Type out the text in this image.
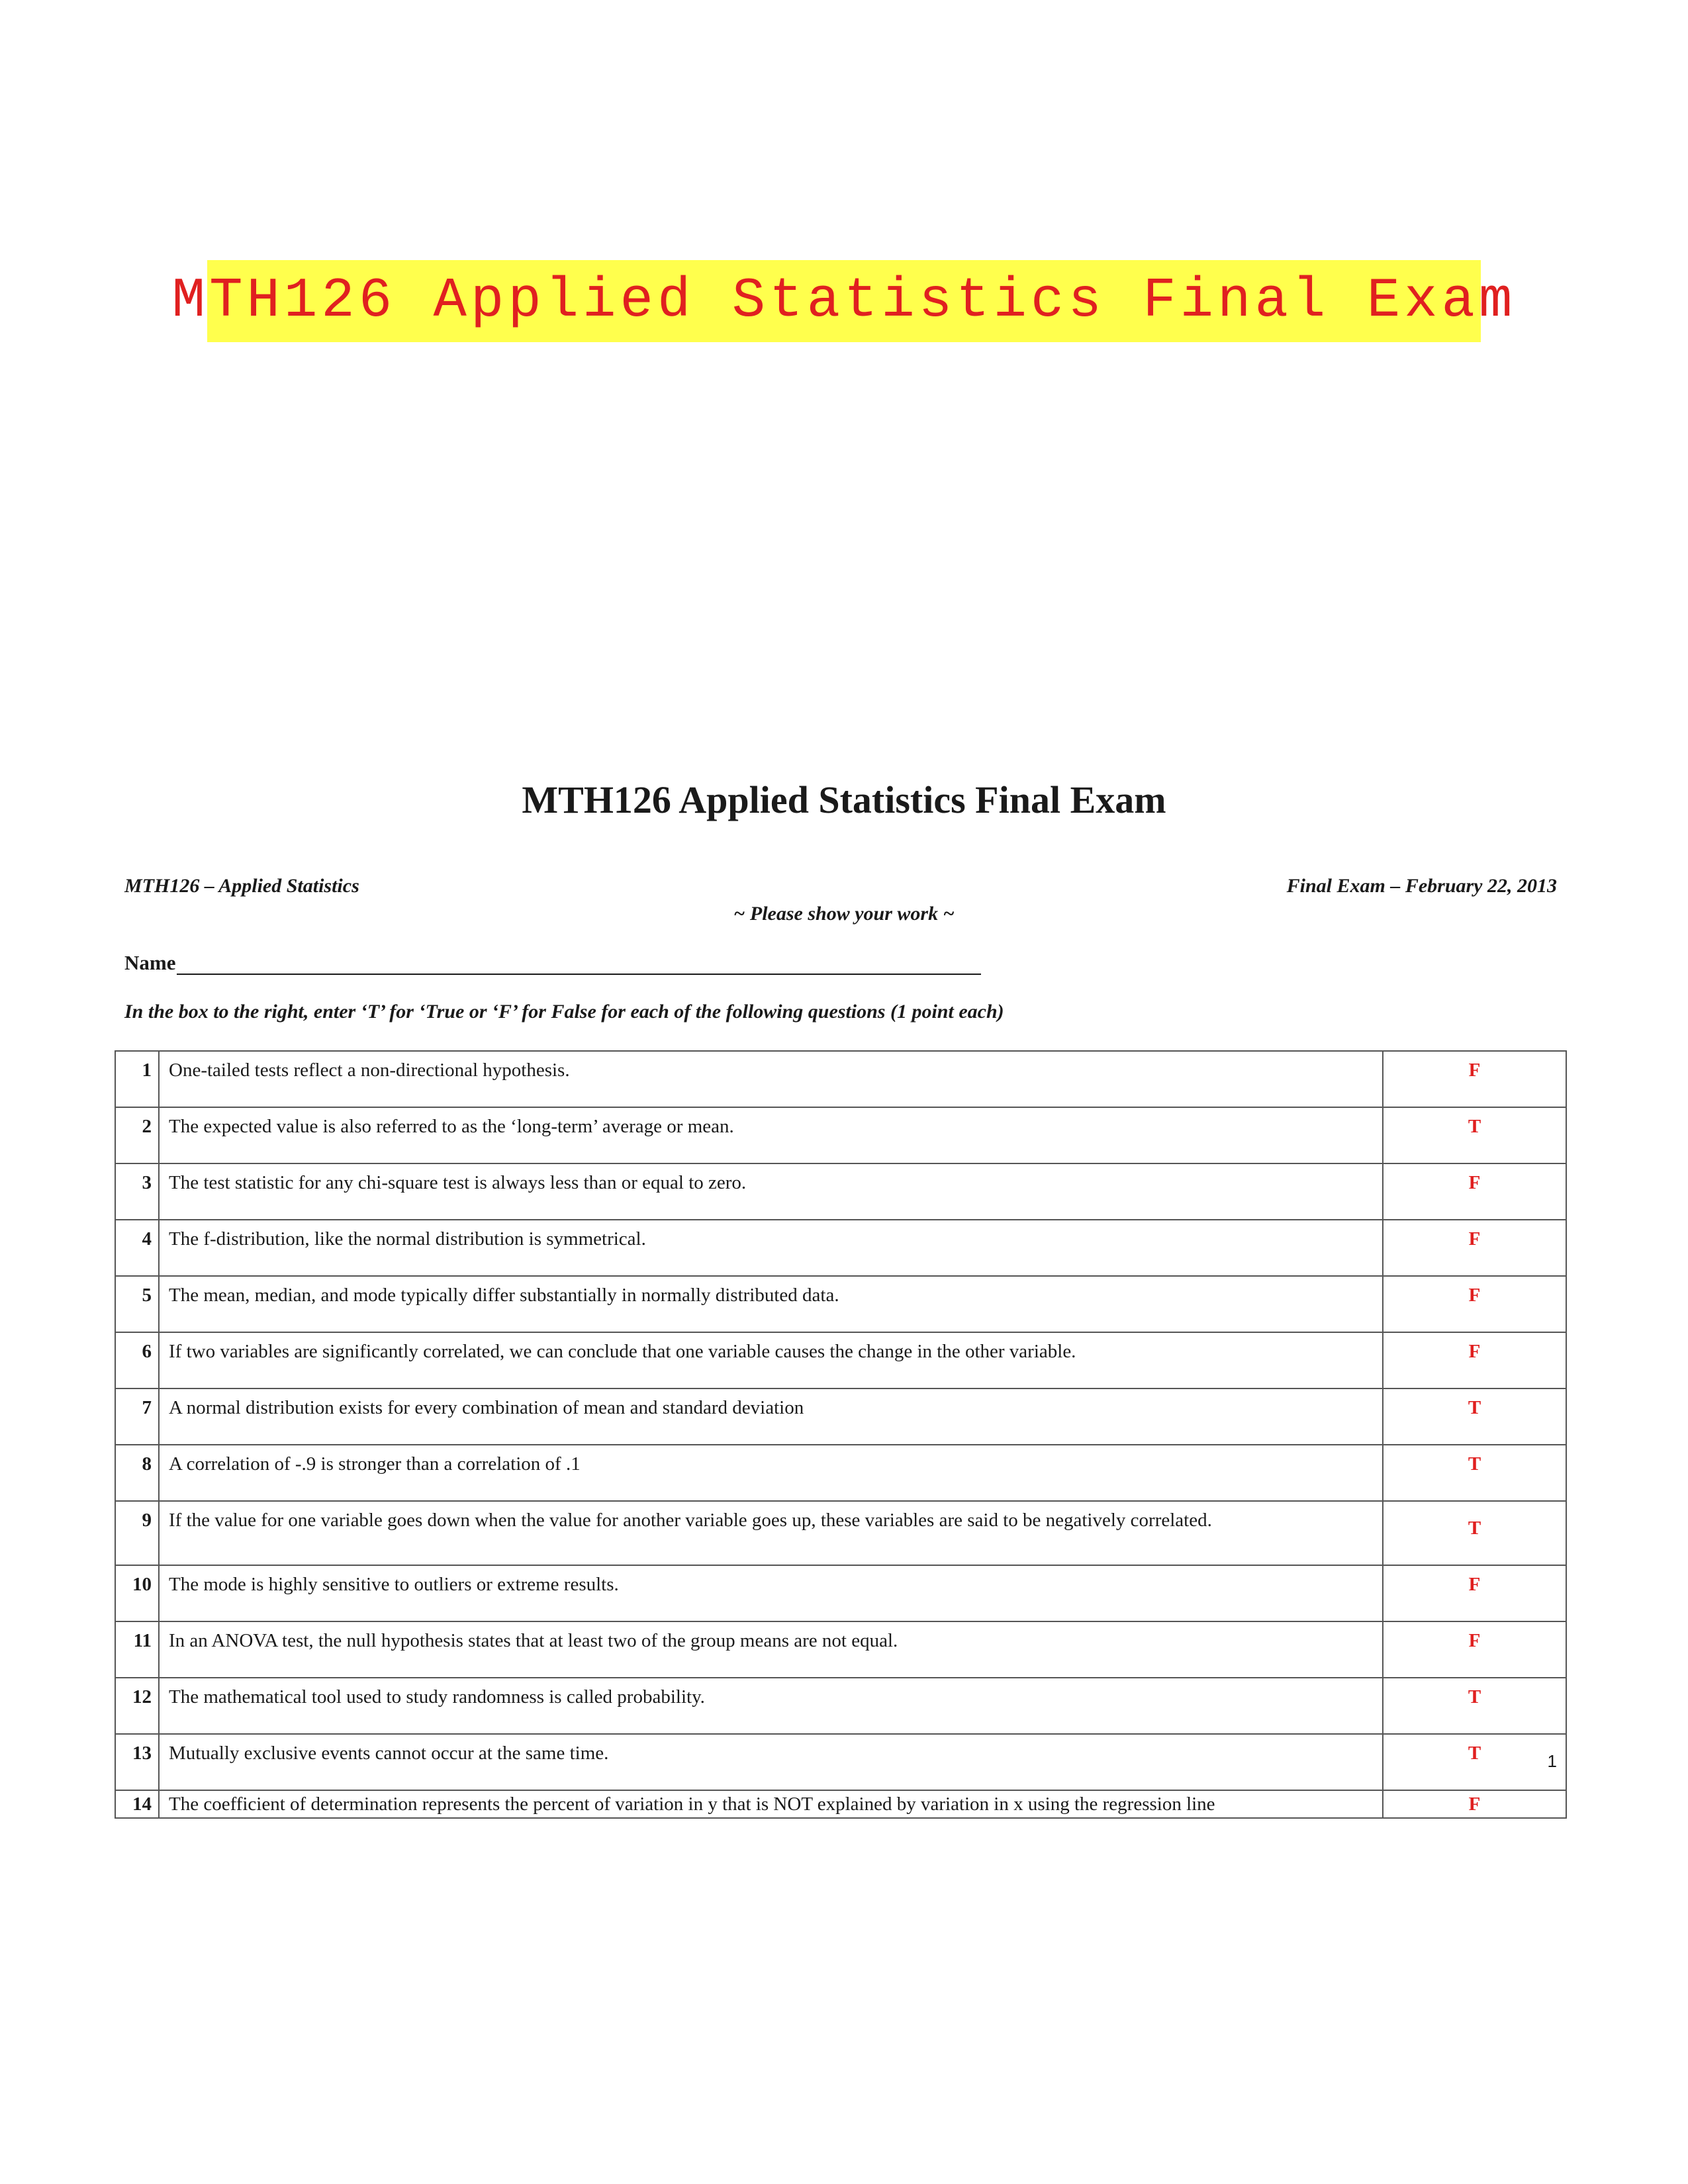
MTH126 Applied Statistics Final Exam
MTH126 Applied Statistics Final Exam
MTH126 – Applied Statistics	Final Exam – February 22, 2013
~ Please show your work ~
Name
In the box to the right, enter ‘T’ for ‘True or ‘F’ for False for each of the following questions (1 point each)
1	One-tailed tests reflect a non-directional hypothesis.	F
2	The expected value is also referred to as the ‘long-term’ average or mean.	T
3	The test statistic for any chi-square test is always less than or equal to zero.	F
4	The f-distribution, like the normal distribution is symmetrical.	F
5	The mean, median, and mode typically differ substantially in normally distributed data.	F
6	If two variables are significantly correlated, we can conclude that one variable causes the change in the other variable.	F
7	A normal distribution exists for every combination of mean and standard deviation	T
8	A correlation of -.9 is stronger than a correlation of .1	T
9	If the value for one variable goes down when the value for another variable goes up, these variables are said to be negatively correlated.	T
10	The mode is highly sensitive to outliers or extreme results.	F
11	In an ANOVA test, the null hypothesis states that at least two of the group means are not equal.	F
12	The mathematical tool used to study randomness is called probability.	T
13	Mutually exclusive events cannot occur at the same time.	T
14	The coefficient of determination represents the percent of variation in y that is NOT explained by variation in x using the regression line	F
1
